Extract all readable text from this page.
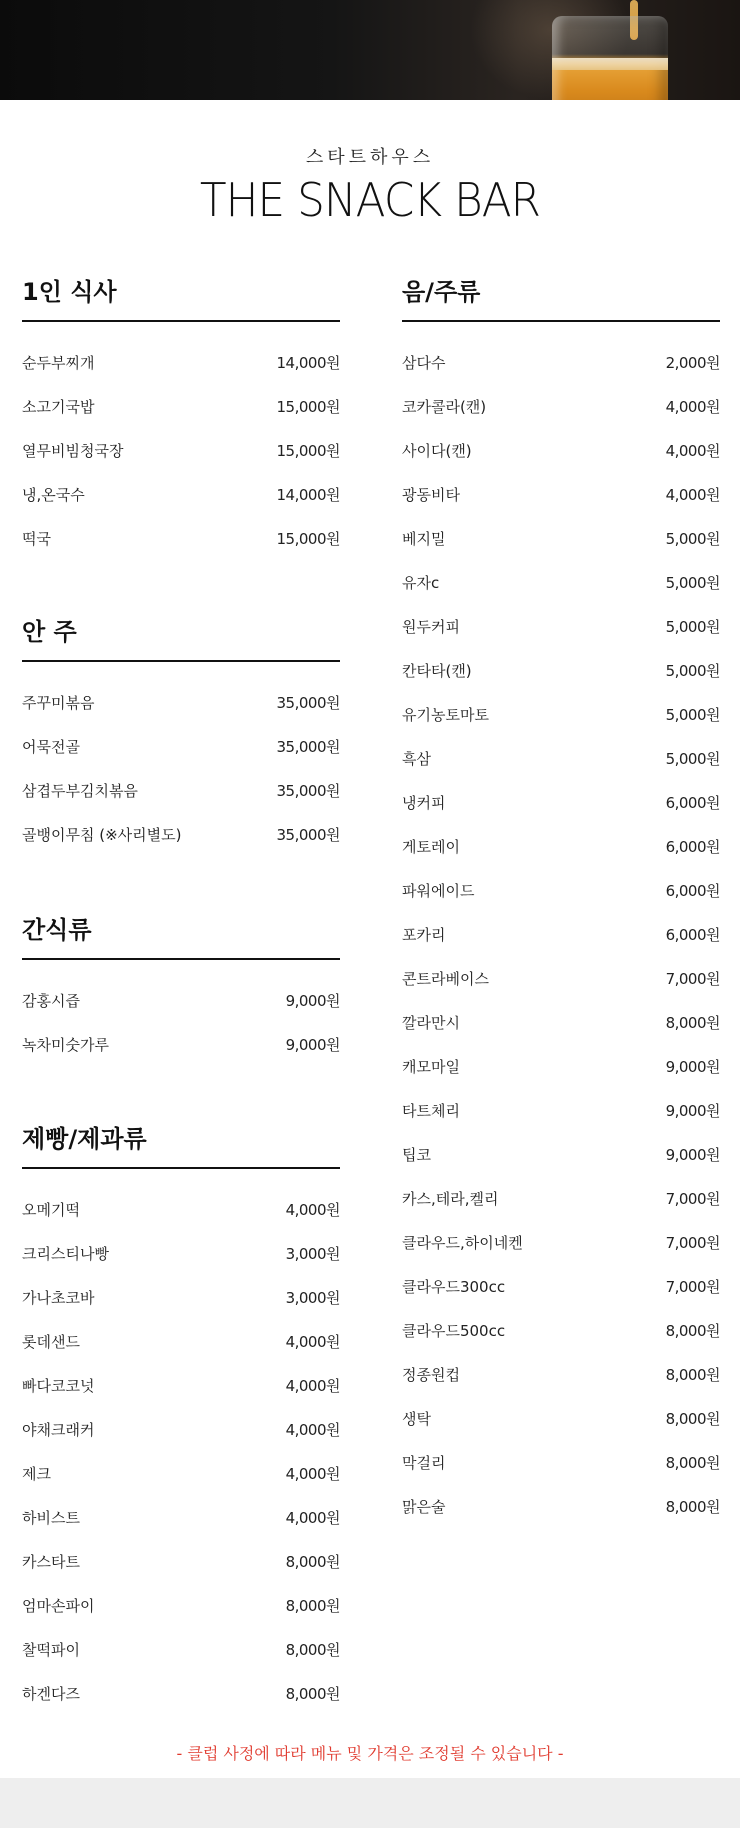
스타트하우스
THE SNACK BAR
1인 식사
순두부찌개	14,000원
소고기국밥	15,000원
열무비빔청국장	15,000원
냉,온국수	14,000원
떡국	15,000원
안 주
주꾸미볶음	35,000원
어묵전골	35,000원
삼겹두부김치볶음	35,000원
골뱅이무침 (※사리별도)	35,000원
간식류
감홍시즙	9,000원
녹차미숫가루	9,000원
제빵/제과류
오메기떡	4,000원
크리스티나빵	3,000원
가나초코바	3,000원
롯데샌드	4,000원
빠다코코넛	4,000원
야채크래커	4,000원
제크	4,000원
하비스트	4,000원
카스타트	8,000원
엄마손파이	8,000원
찰떡파이	8,000원
하겐다즈	8,000원
음/주류
삼다수	2,000원
코카콜라(캔)	4,000원
사이다(캔)	4,000원
광동비타	4,000원
베지밀	5,000원
유자c	5,000원
원두커피	5,000원
칸타타(캔)	5,000원
유기농토마토	5,000원
흑삼	5,000원
냉커피	6,000원
게토레이	6,000원
파워에이드	6,000원
포카리	6,000원
콘트라베이스	7,000원
깔라만시	8,000원
캐모마일	9,000원
타트체리	9,000원
팁코	9,000원
카스,테라,켈리	7,000원
클라우드,하이네켄	7,000원
클라우드300cc	7,000원
클라우드500cc	8,000원
정종원컵	8,000원
생탁	8,000원
막걸리	8,000원
맑은술	8,000원
- 클럽 사정에 따라 메뉴 및 가격은 조정될 수 있습니다 -
